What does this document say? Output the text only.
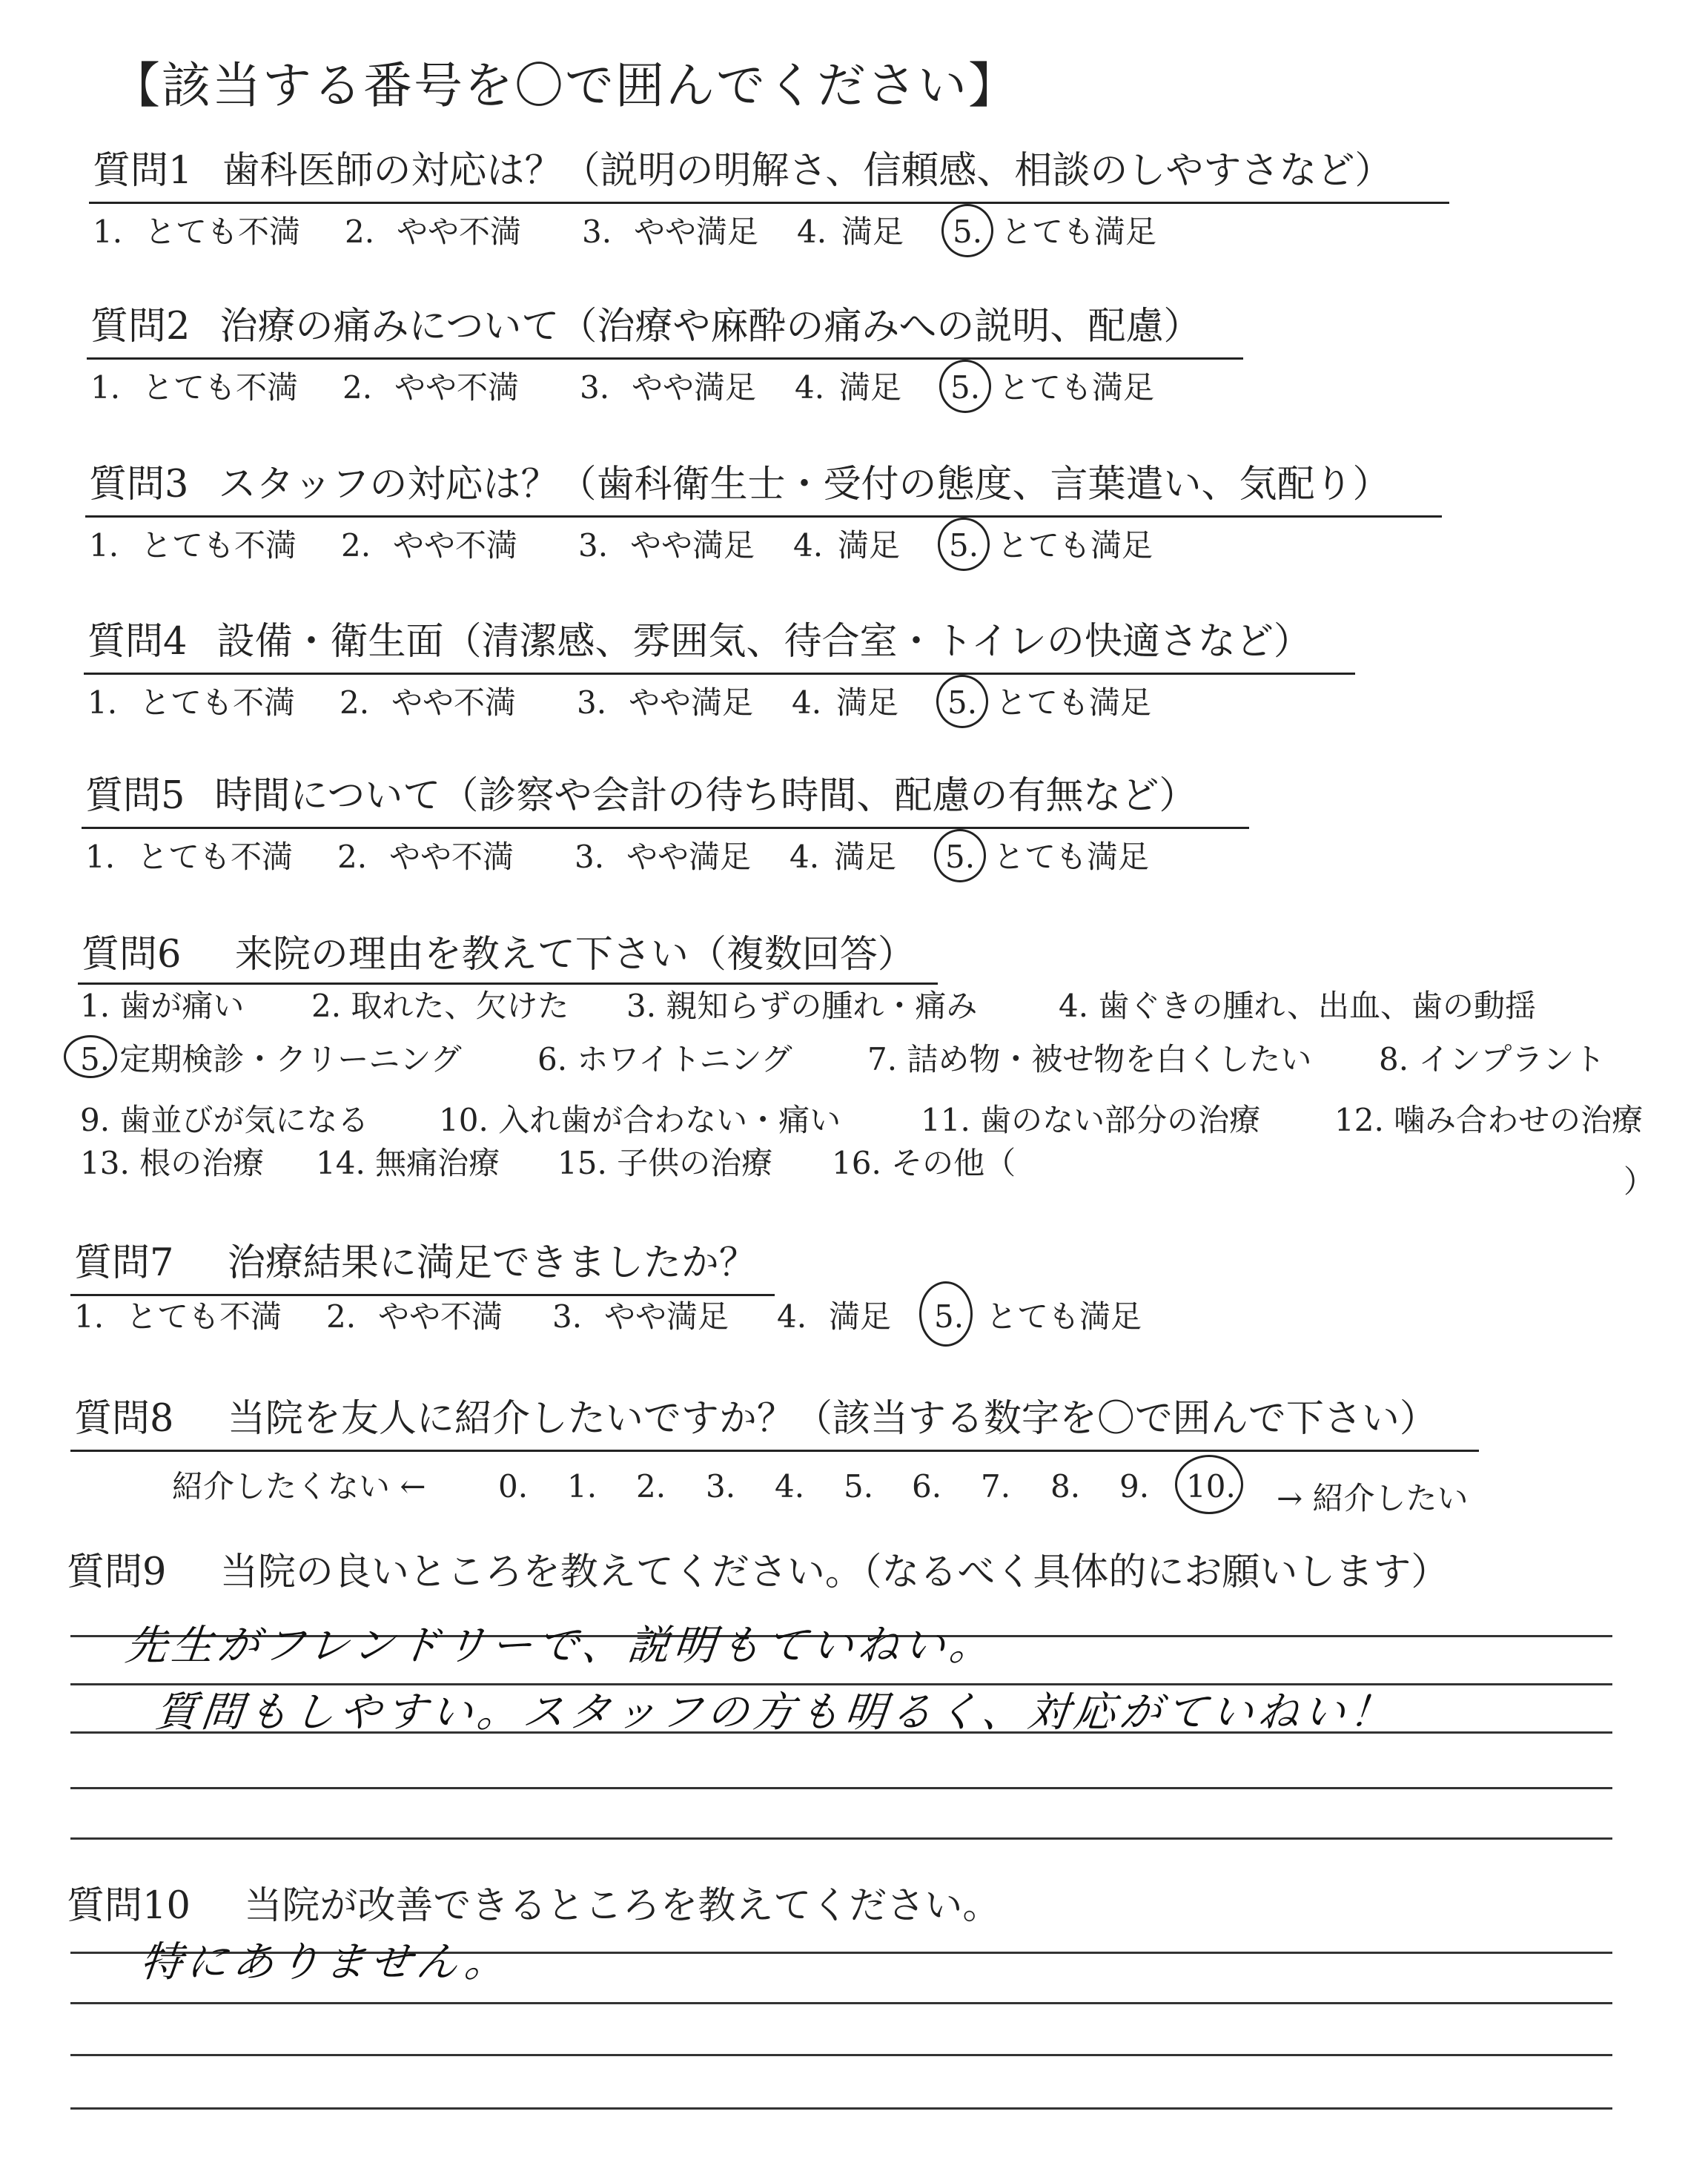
【該当する番号を〇で囲んでください】
質問1 歯科医師の対応は？（説明の明解さ、信頼感、相談のしやすさなど）
1. とても不満 2. やや不満 3. やや満足 4. 満足 5. とても満足
質問2 治療の痛みについて（治療や麻酔の痛みへの説明、配慮）
1. とても不満 2. やや不満 3. やや満足 4. 満足 5. とても満足
質問3 スタッフの対応は？（歯科衛生士・受付の態度、言葉遣い、気配り）
1. とても不満 2. やや不満 3. やや満足 4. 満足 5. とても満足
質問4 設備・衛生面（清潔感、雰囲気、待合室・トイレの快適さなど）
1. とても不満 2. やや不満 3. やや満足 4. 満足 5. とても満足
質問5 時間について（診察や会計の待ち時間、配慮の有無など）
1. とても不満 2. やや不満 3. やや満足 4. 満足 5. とても満足
質問6 来院の理由を教えて下さい（複数回答）
1. 歯が痛い 2. 取れた、欠けた 3. 親知らずの腫れ・痛み	4. 歯ぐきの腫れ、出血、歯の動揺
5. 定期検診・クリーニング 6. ホワイトニング 7. 詰め物・被せ物を白くしたい 8. インプラント
9. 歯並びが気になる 10. 入れ歯が合わない・痛い	11. 歯のない部分の治療 12. 噛み合わせの治療
13. 根の治療 14. 無痛治療 15. 子供の治療 16. その他（
）
質問7 治療結果に満足できましたか？
1. とても不満 2. やや不満 3. やや満足 4. 満足 5. とても満足
質問8 当院を友人に紹介したいですか？（該当する数字を〇で囲んで下さい）
紹介したくない ← 0. 1. 2. 3. 4. 5. 6. 7. 8. 9. 10. → 紹介したい
質問9 当院の良いところを教えてください。（なるべく具体的にお願いします）
先生がフレンドリーで、説明もていねい。
質問もしやすい。スタッフの方も明るく、対応がていねい！
質問10 当院が改善できるところを教えてください。
特にありません。
